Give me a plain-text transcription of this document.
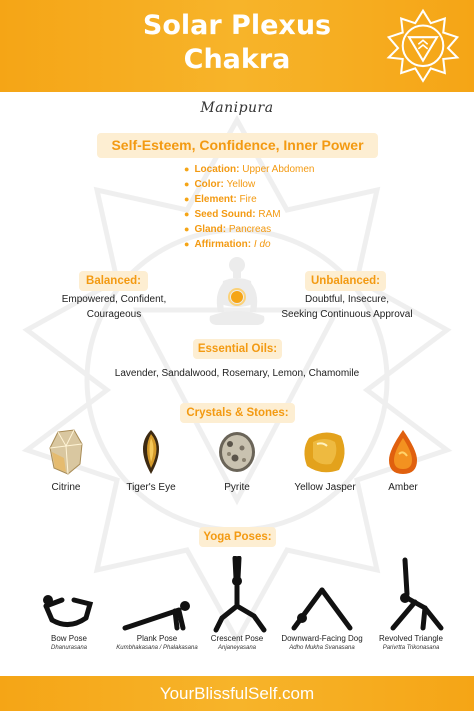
Solar Plexus
Chakra
Manipura
Self-Esteem, Confidence, Inner Power
● Location: Upper Abdomen
● Color: Yellow
● Element: Fire
● Seed Sound: RAM
● Gland: Pancreas
● Affirmation: I do
Balanced:
Empowered, Confident,
Courageous
Unbalanced:
Doubtful, Insecure,
Seeking Continuous Approval
Essential Oils:
Lavender, Sandalwood, Rosemary, Lemon, Chamomile
Crystals & Stones:
Citrine	Tiger's Eye	Pyrite	Yellow Jasper	Amber
Yoga Poses:
Bow Pose
Dhanurasana
Plank Pose
Kumbhakasana / Phalakasana
Crescent Pose
Anjaneyasana
Downward-Facing Dog
Adho Mukha Svanasana
Revolved Triangle
Parivrtta Trikonasana
YourBlissfulSelf.com
